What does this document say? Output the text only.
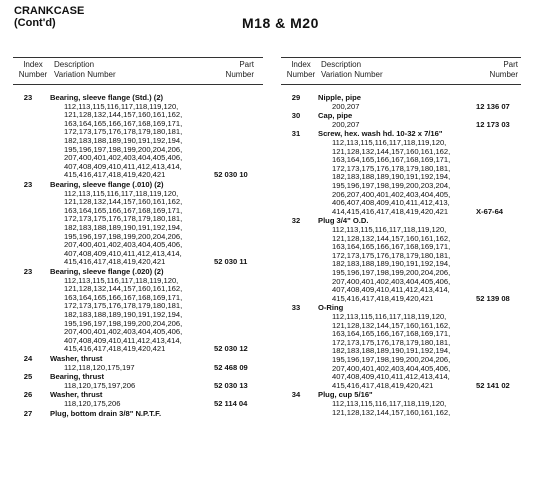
CRANKCASE
(Cont'd)	M18 & M20
Index
Number
Description
Variation Number
Part
Number
Index
Number
Description
Variation Number
Part
Number
23	Bearing, sleeve flange (Std.) (2)
112,113,115,116,117,118,119,120,
121,128,132,144,157,160,161,162,
163,164,165,166,167,168,169,171,
172,173,175,176,178,179,180,181,
182,183,188,189,190,191,192,194,
195,196,197,198,199,200,204,206,
207,400,401,402,403,404,405,406,
407,408,409,410,411,412,413,414,
415,416,417,418,419,420,421	52 030 10
23	Bearing, sleeve flange (.010) (2)
112,113,115,116,117,118,119,120,
121,128,132,144,157,160,161,162,
163,164,165,166,167,168,169,171,
172,173,175,176,178,179,180,181,
182,183,188,189,190,191,192,194,
195,196,197,198,199,200,204,206,
207,400,401,402,403,404,405,406,
407,408,409,410,411,412,413,414,
415,416,417,418,419,420,421	52 030 11
23	Bearing, sleeve flange (.020) (2)
112,113,115,116,117,118,119,120,
121,128,132,144,157,160,161,162,
163,164,165,166,167,168,169,171,
172,173,175,176,178,179,180,181,
182,183,188,189,190,191,192,194,
195,196,197,198,199,200,204,206,
207,400,401,402,403,404,405,406,
407,408,409,410,411,412,413,414,
415,416,417,418,419,420,421	52 030 12
24	Washer, thrust
112,118,120,175,197	52 468 09
25	Bearing, thrust
118,120,175,197,206	52 030 13
26	Washer, thrust
118,120,175,206	52 114 04
27	Plug, bottom drain 3/8" N.P.T.F.
29	Nipple, pipe
200,207	12 136 07
30	Cap, pipe
200,207	12 173 03
31	Screw, hex. wash hd. 10-32 x 7/16"
112,113,115,116,117,118,119,120,
121,128,132,144,157,160,161,162,
163,164,165,166,167,168,169,171,
172,173,175,176,178,179,180,181,
182,183,188,189,190,191,192,194,
195,196,197,198,199,200,203,204,
206,207,400,401,402,403,404,405,
406,407,408,409,410,411,412,413,
414,415,416,417,418,419,420,421	X-67-64
32	Plug 3/4" O.D.
112,113,115,116,117,118,119,120,
121,128,132,144,157,160,161,162,
163,164,165,166,167,168,169,171,
172,173,175,176,178,179,180,181,
182,183,188,189,190,191,192,194,
195,196,197,198,199,200,204,206,
207,400,401,402,403,404,405,406,
407,408,409,410,411,412,413,414,
415,416,417,418,419,420,421	52 139 08
33	O-Ring
112,113,115,116,117,118,119,120,
121,128,132,144,157,160,161,162,
163,164,165,166,167,168,169,171,
172,173,175,176,178,179,180,181,
182,183,188,189,190,191,192,194,
195,196,197,198,199,200,204,206,
207,400,401,402,403,404,405,406,
407,408,409,410,411,412,413,414,
415,416,417,418,419,420,421	52 141 02
34	Plug, cup 5/16"
112,113,115,116,117,118,119,120,
121,128,132,144,157,160,161,162,
